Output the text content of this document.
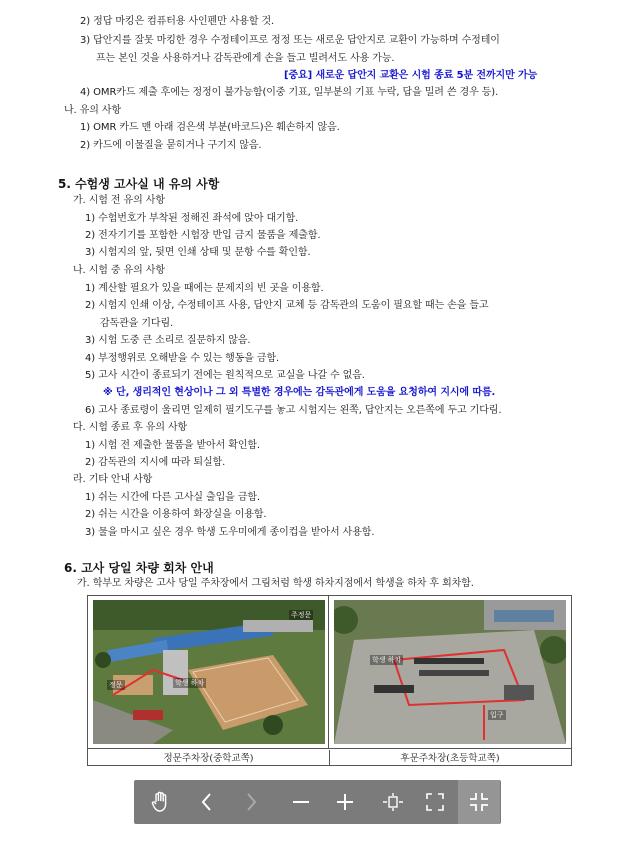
2) 정답 마킹은 컴퓨터용 사인펜만 사용할 것.
3) 답안지를 잘못 마킹한 경우 수정테이프로 정정 또는 새로운 답안지로 교환이 가능하며 수정테이
프는 본인 것을 사용하거나 감독관에게 손을 들고 빌려서도 사용 가능.
[중요] 새로운 답안지 교환은 시험 종료 5분 전까지만 가능
4) OMR카드 제출 후에는 정정이 불가능함(이중 기표, 일부분의 기표 누락, 답을 밀려 쓴 경우 등).
나. 유의 사항
1) OMR 카드 맨 아래 검은색 부분(바코드)은 훼손하지 않음.
2) 카드에 이물질을 묻히거나 구기지 않음.
5. 수험생 고사실 내 유의 사항
가. 시험 전 유의 사항
1) 수험번호가 부착된 정해진 좌석에 앉아 대기함.
2) 전자기기를 포함한 시험장 반입 금지 물품을 제출함.
3) 시험지의 앞, 뒷면 인쇄 상태 및 문항 수를 확인함.
나. 시험 중 유의 사항
1) 계산할 필요가 있을 때에는 문제지의 빈 곳을 이용함.
2) 시험지 인쇄 이상, 수정테이프 사용, 답안지 교체 등 감독관의 도움이 필요할 때는 손을 들고
감독관을 기다림.
3) 시험 도중 큰 소리로 질문하지 않음.
4) 부정행위로 오해받을 수 있는 행동을 금함.
5) 고사 시간이 종료되기 전에는 원칙적으로 교실을 나갈 수 없음.
※ 단, 생리적인 현상이나 그 외 특별한 경우에는 감독관에게 도움을 요청하여 지시에 따름.
6) 고사 종료령이 울리면 일제히 필기도구를 놓고 시험지는 왼쪽, 답안지는 오른쪽에 두고 기다림.
다. 시험 종료 후 유의 사항
1) 시험 전 제출한 물품을 받아서 확인함.
2) 감독관의 지시에 따라 퇴실함.
라. 기타 안내 사항
1) 쉬는 시간에 다른 고사실 출입을 금함.
2) 쉬는 시간을 이용하여 화장실을 이용함.
3) 물을 마시고 싶은 경우 학생 도우미에게 종이컵을 받아서 사용함.
6. 고사 당일 차량 회차 안내
가. 학부모 차량은 고사 당일 주차장에서 그림처럼 학생 하차지점에서 학생을 하차 후 회차함.
주정문
정문	학생 하차
학생 하차
입구
정문주차장(중학교쪽)	후문주차장(초등학교쪽)
